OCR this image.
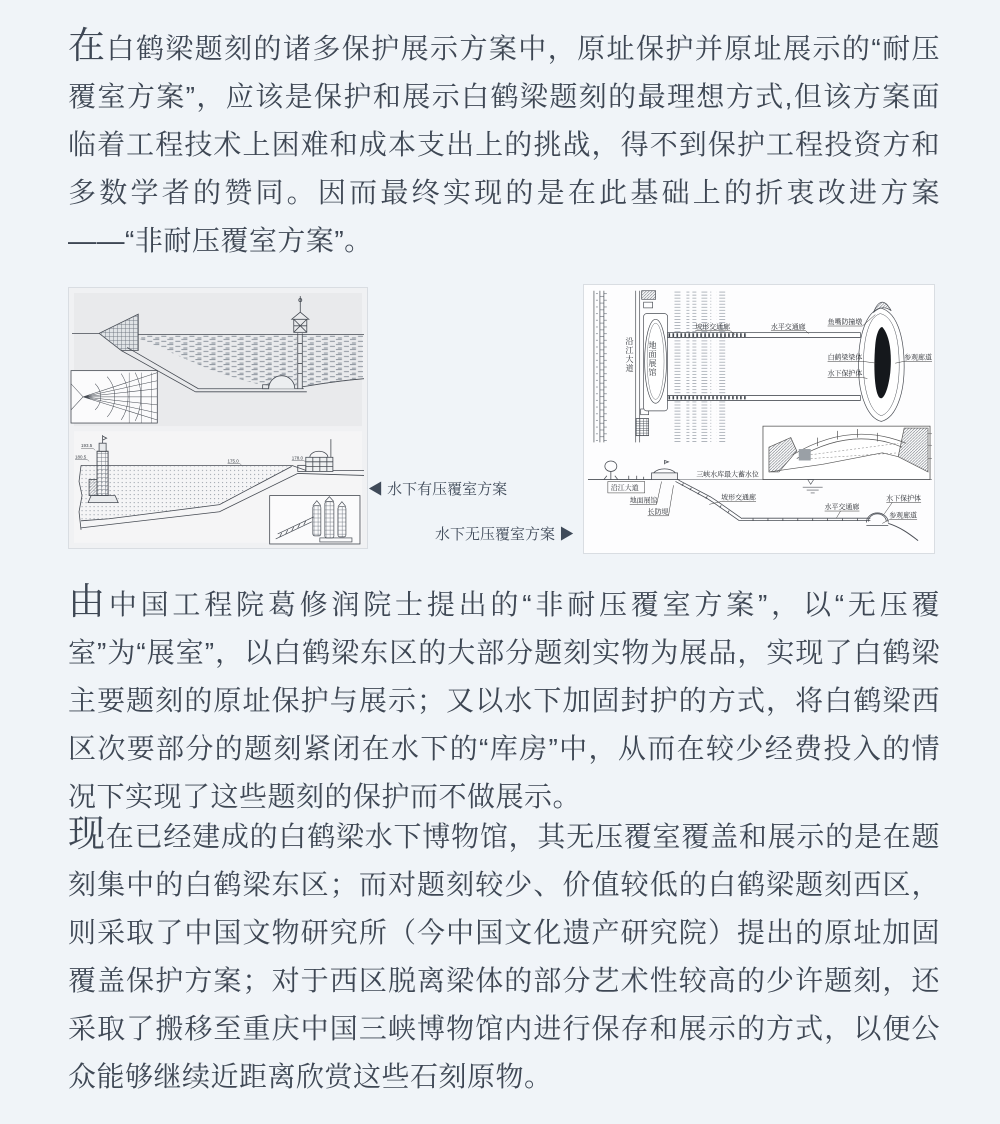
在白鹤梁题刻的诸多保护展示方案中，原址保护并原址展示的“耐压覆室方案”，应该是保护和展示白鹤梁题刻的最理想方式,但该方案面临着工程技术上困难和成本支出上的挑战，得不到保护工程投资方和多数学者的赞同。因而最终实现的是在此基础上的折衷改进方案——“非耐压覆室方案”。

193.5
180.5
175.0
178.0
◀ 水下有压覆室方案
水下无压覆室方案 ▶
坡形交通廊	水平交通廊
鱼嘴防撞墩
白鹤梁梁体	参观廊道
水下保护体
三峡水库最大蓄水位
沿江大道
地面展馆
长防堤
坡形交通廊
水平交通廊
水下保护体
参观廊道
沿江大道 地面展馆

由中国工程院葛修润院士提出的“非耐压覆室方案”，以“无压覆室”为“展室”，以白鹤梁东区的大部分题刻实物为展品，实现了白鹤梁主要题刻的原址保护与展示；又以水下加固封护的方式，将白鹤梁西区次要部分的题刻紧闭在水下的“库房”中，从而在较少经费投入的情况下实现了这些题刻的保护而不做展示。

现在已经建成的白鹤梁水下博物馆，其无压覆室覆盖和展示的是在题刻集中的白鹤梁东区；而对题刻较少、价值较低的白鹤梁题刻西区，则采取了中国文物研究所（今中国文化遗产研究院）提出的原址加固覆盖保护方案；对于西区脱离梁体的部分艺术性较高的少许题刻，还采取了搬移至重庆中国三峡博物馆内进行保存和展示的方式，以便公众能够继续近距离欣赏这些石刻原物。
